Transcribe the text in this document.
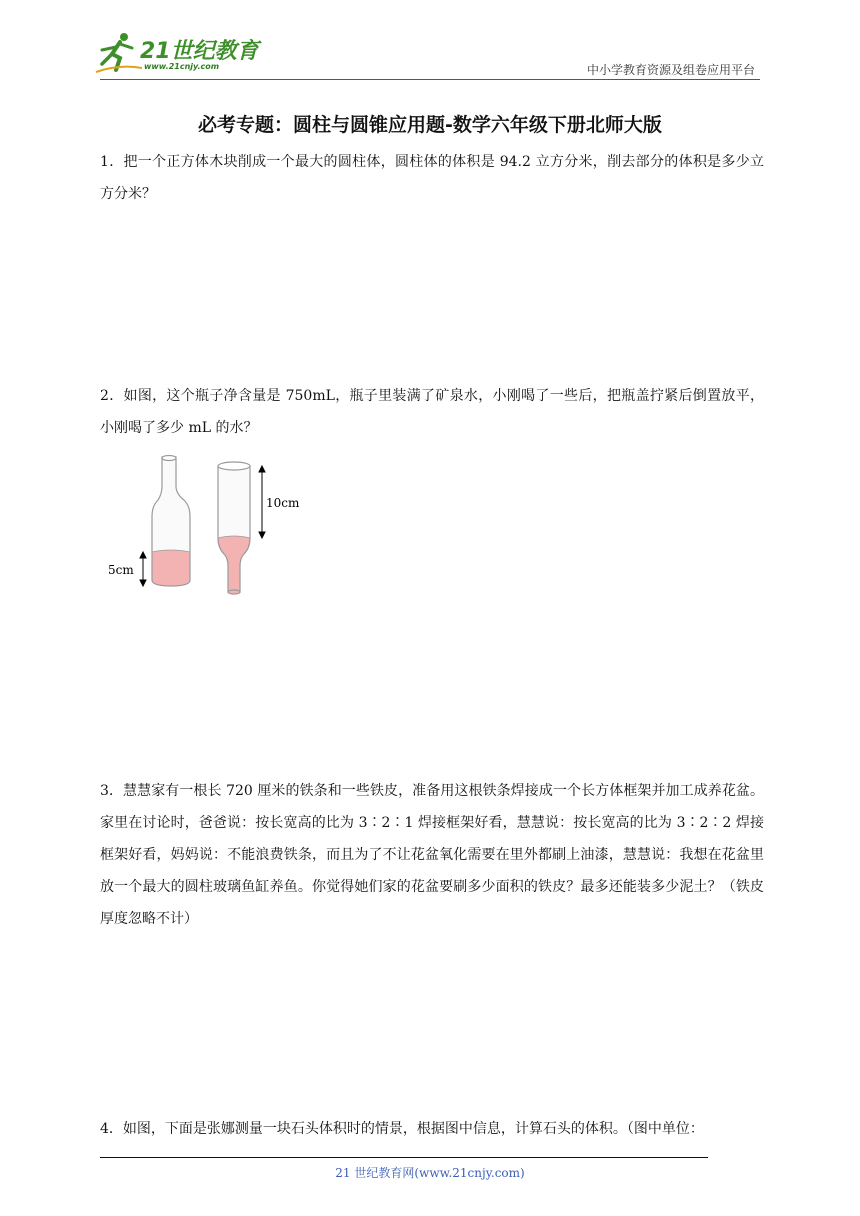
21世纪教育
www.21cnjy.com	中小学教育资源及组卷应用平台
必考专题：圆柱与圆锥应用题-数学六年级下册北师大版
1．把一个正方体木块削成一个最大的圆柱体，圆柱体的体积是 94.2 立方分米，削去部分的体积是多少立方分米？
2．如图，这个瓶子净含量是 750mL，瓶子里装满了矿泉水，小刚喝了一些后，把瓶盖拧紧后倒置放平，小刚喝了多少 mL 的水？
5cm
10cm
3．慧慧家有一根长 720 厘米的铁条和一些铁皮，准备用这根铁条焊接成一个长方体框架并加工成养花盆。家里在讨论时，爸爸说：按长宽高的比为 3∶2∶1 焊接框架好看，慧慧说：按长宽高的比为 3∶2∶2 焊接框架好看，妈妈说：不能浪费铁条，而且为了不让花盆氧化需要在里外都刷上油漆，慧慧说：我想在花盆里放一个最大的圆柱玻璃鱼缸养鱼。你觉得她们家的花盆要刷多少面积的铁皮？最多还能装多少泥土？（铁皮厚度忽略不计）
4．如图，下面是张娜测量一块石头体积时的情景，根据图中信息，计算石头的体积。（图中单位：
21 世纪教育网(www.21cnjy.com)
